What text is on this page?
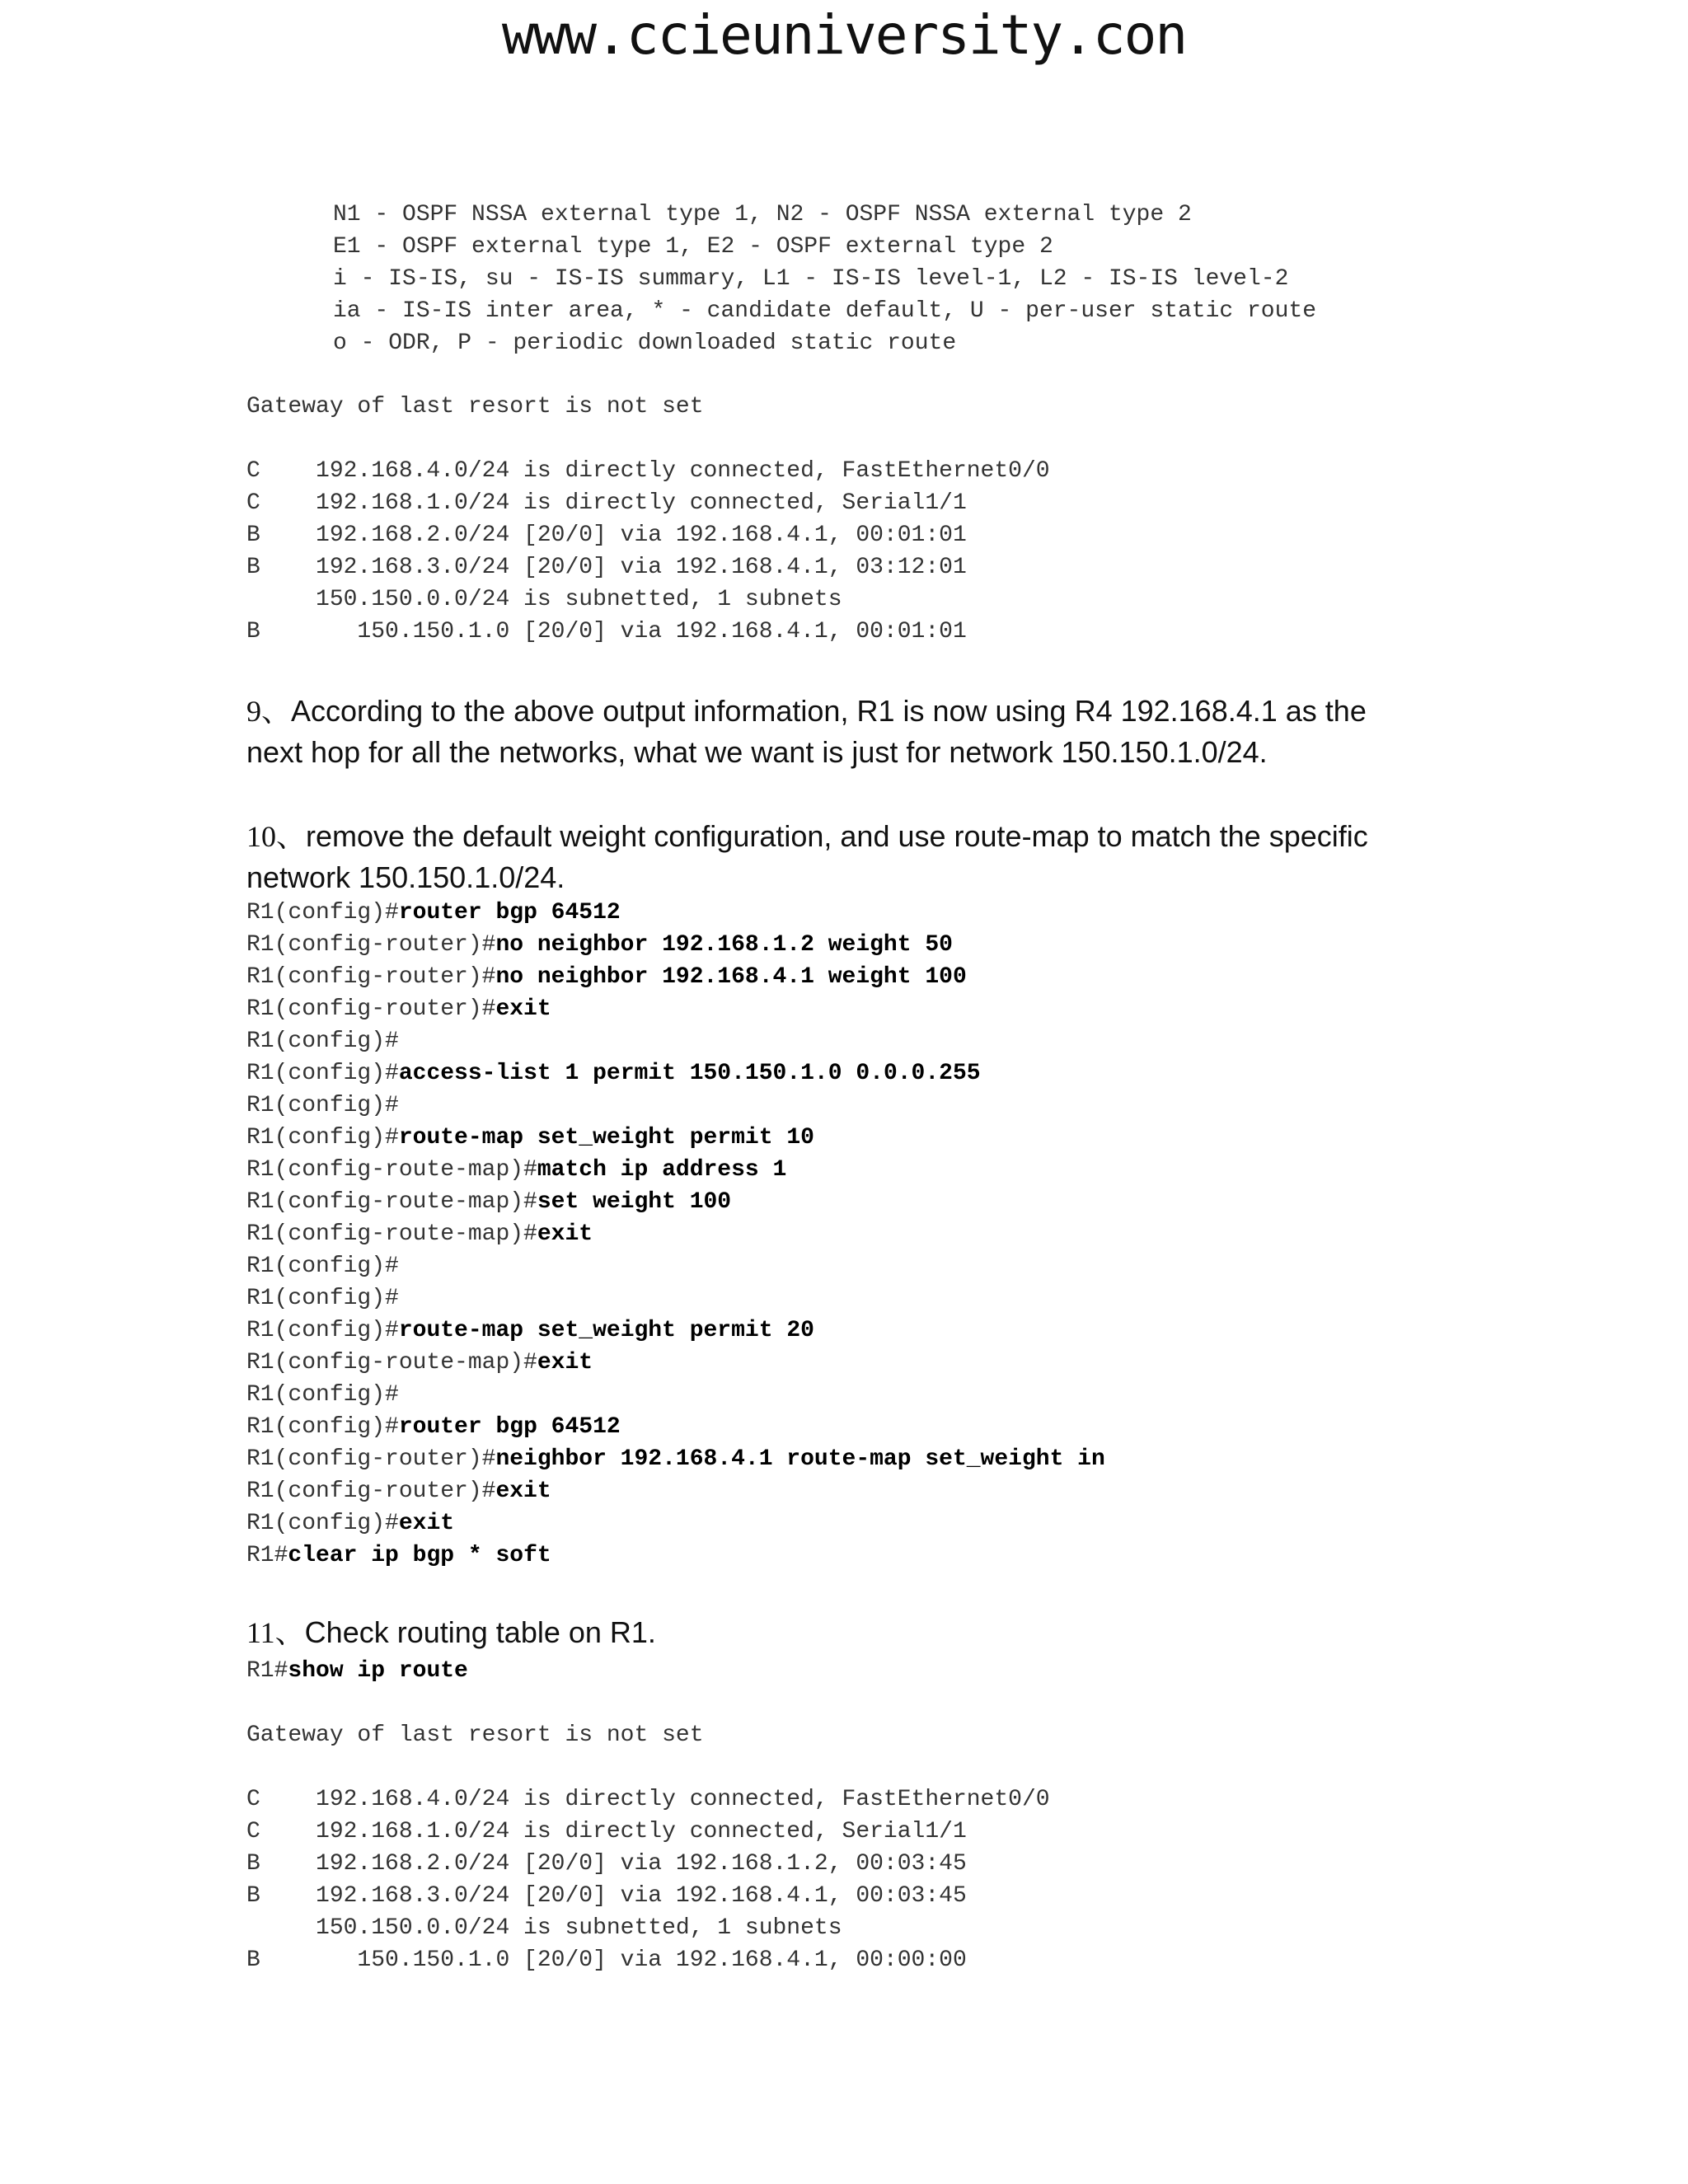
www.ccieuniversity.con
N1 - OSPF NSSA external type 1, N2 - OSPF NSSA external type 2
E1 - OSPF external type 1, E2 - OSPF external type 2
i - IS-IS, su - IS-IS summary, L1 - IS-IS level-1, L2 - IS-IS level-2
ia - IS-IS inter area, * - candidate default, U - per-user static route
o - ODR, P - periodic downloaded static route
Gateway of last resort is not set

C    192.168.4.0/24 is directly connected, FastEthernet0/0
C    192.168.1.0/24 is directly connected, Serial1/1
B    192.168.2.0/24 [20/0] via 192.168.4.1, 00:01:01
B    192.168.3.0/24 [20/0] via 192.168.4.1, 03:12:01
150.150.0.0/24 is subnetted, 1 subnets
B       150.150.1.0 [20/0] via 192.168.4.1, 00:01:01

9、According to the above output information, R1 is now using R4 192.168.4.1 as the

next hop for all the networks, what we want is just for network 150.150.1.0/24.

10、remove the default weight configuration, and use route-map to match the specific

network 150.150.1.0/24.

R1(config)#router bgp 64512
R1(config-router)#no neighbor 192.168.1.2 weight 50
R1(config-router)#no neighbor 192.168.4.1 weight 100
R1(config-router)#exit
R1(config)#
R1(config)#access-list 1 permit 150.150.1.0 0.0.0.255
R1(config)#
R1(config)#route-map set_weight permit 10
R1(config-route-map)#match ip address 1
R1(config-route-map)#set weight 100
R1(config-route-map)#exit
R1(config)#
R1(config)#
R1(config)#route-map set_weight permit 20
R1(config-route-map)#exit
R1(config)#
R1(config)#router bgp 64512
R1(config-router)#neighbor 192.168.4.1 route-map set_weight in
R1(config-router)#exit
R1(config)#exit
R1#clear ip bgp * soft

11、Check routing table on R1.

R1#show ip route

Gateway of last resort is not set

C    192.168.4.0/24 is directly connected, FastEthernet0/0
C    192.168.1.0/24 is directly connected, Serial1/1
B    192.168.2.0/24 [20/0] via 192.168.1.2, 00:03:45
B    192.168.3.0/24 [20/0] via 192.168.4.1, 00:03:45
150.150.0.0/24 is subnetted, 1 subnets
B       150.150.1.0 [20/0] via 192.168.4.1, 00:00:00
